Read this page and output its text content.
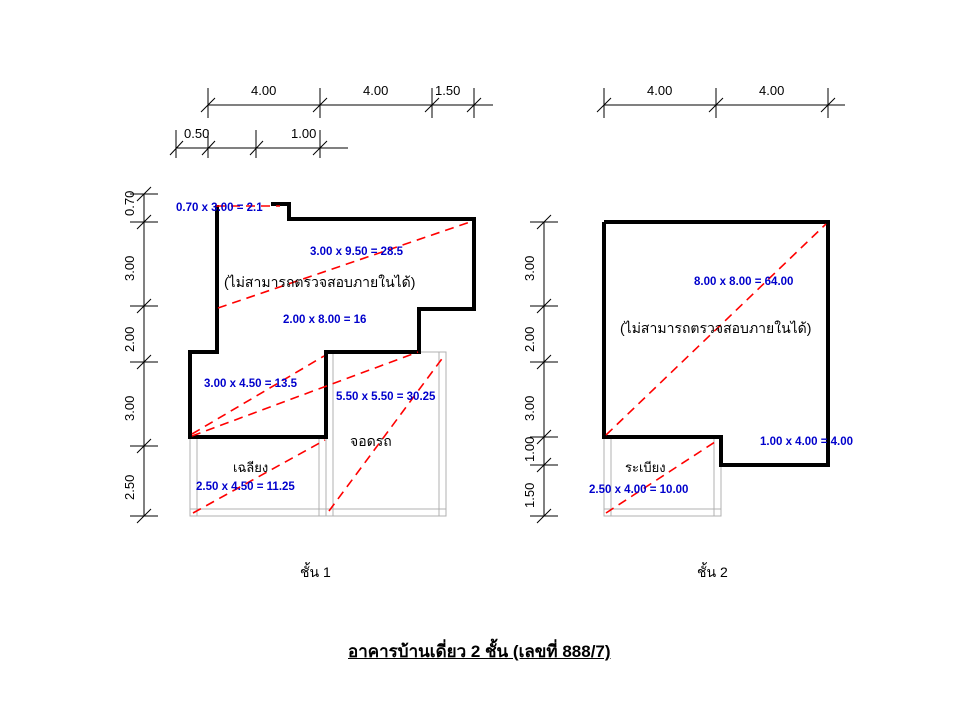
4.00	4.00	1.50
0.50	1.00
0.70
3.00
2.00
3.00
2.50
0.70 x 3.00 = 2.1
3.00 x 9.50 = 28.5
2.00 x 8.00 = 16
3.00 x 4.50 = 13.5
5.50 x 5.50 = 30.25
2.50 x 4.50 = 11.25
(ไม่สามารถตรวจสอบภายในได้)
จอดรถ
เฉลียง
ชั้น 1
4.00	4.00
3.00
2.00
3.00
1.00
1.50
8.00 x 8.00 = 64.00
1.00 x 4.00 = 4.00
2.50 x 4.00 = 10.00
(ไม่สามารถตรวจสอบภายในได้)
ระเบียง
ชั้น 2
อาคารบ้านเดี่ยว 2 ชั้น (เลขที่ 888/7)
